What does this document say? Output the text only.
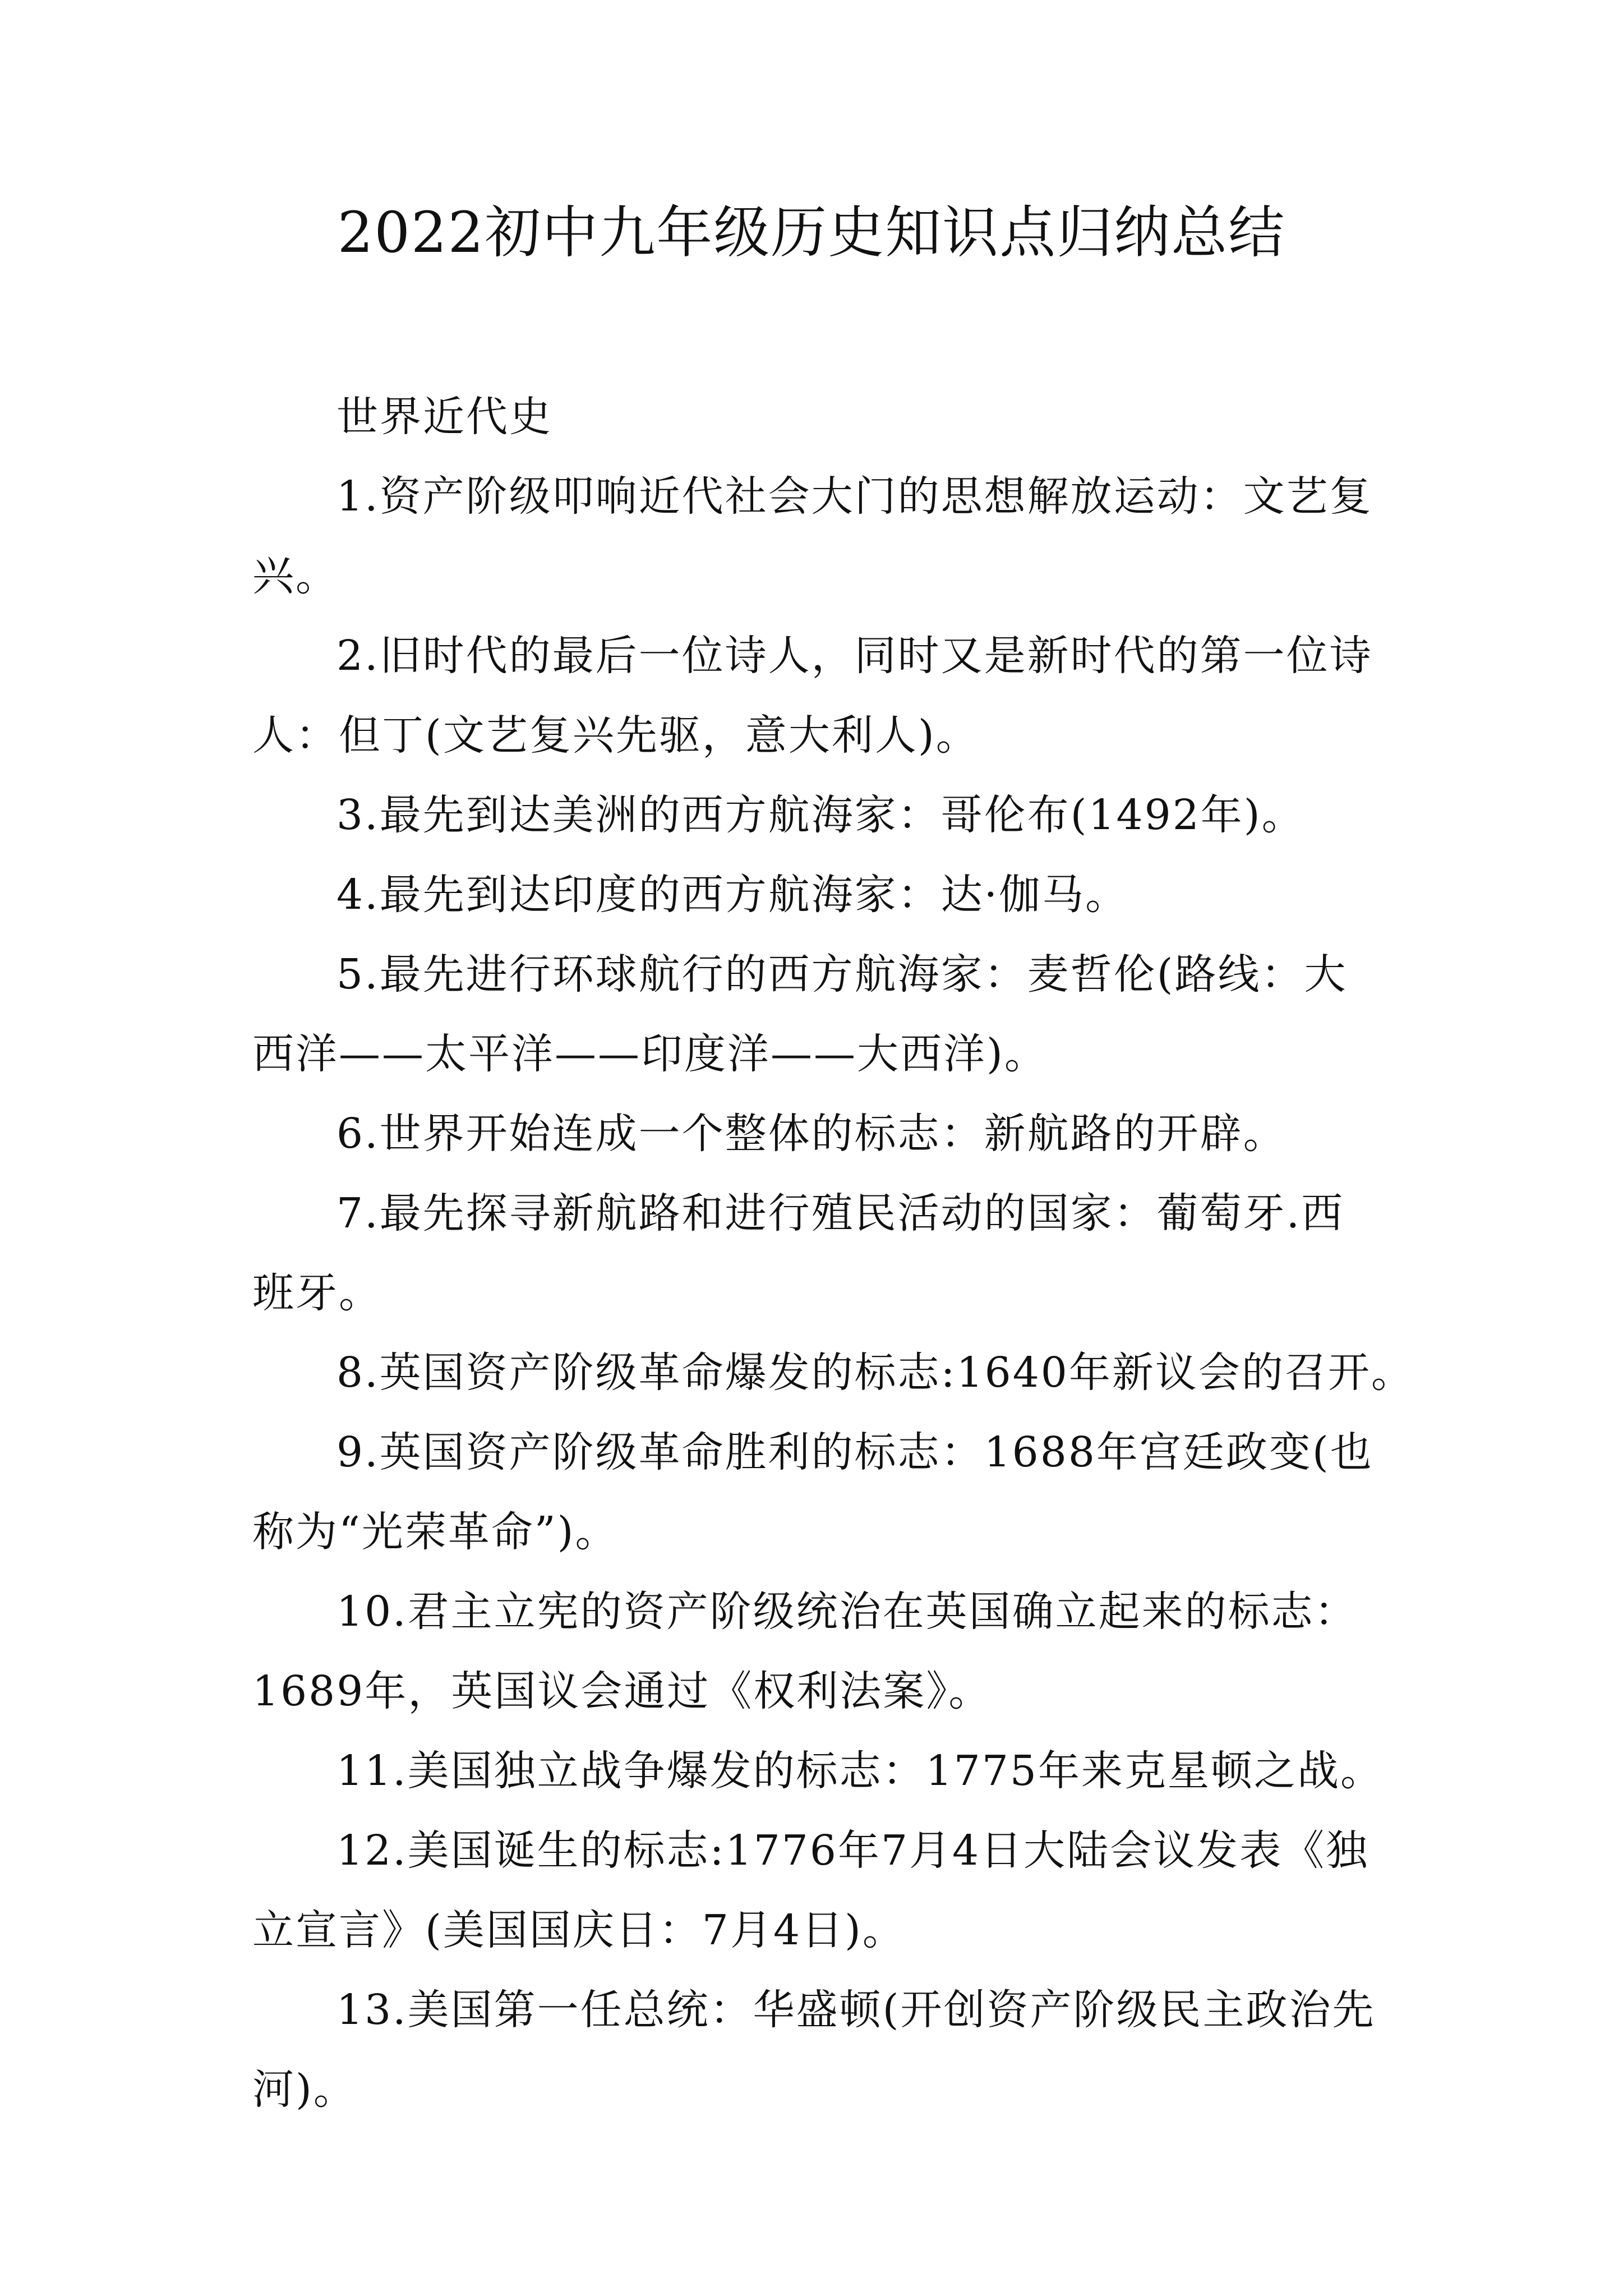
2022初中九年级历史知识点归纳总结
世界近代史
1.资产阶级叩响近代社会大门的思想解放运动：文艺复
兴。
2.旧时代的最后一位诗人，同时又是新时代的第一位诗
人：但丁(文艺复兴先驱，意大利人)。
3.最先到达美洲的西方航海家：哥伦布(1492年)。
4.最先到达印度的西方航海家：达·伽马。
5.最先进行环球航行的西方航海家：麦哲伦(路线：大
西洋——太平洋——印度洋——大西洋)。
6.世界开始连成一个整体的标志：新航路的开辟。
7.最先探寻新航路和进行殖民活动的国家：葡萄牙.西
班牙。
8.英国资产阶级革命爆发的标志:1640年新议会的召开。
9.英国资产阶级革命胜利的标志：1688年宫廷政变(也
称为“光荣革命”)。
10.君主立宪的资产阶级统治在英国确立起来的标志：
1689年，英国议会通过《权利法案》。
11.美国独立战争爆发的标志：1775年来克星顿之战。
12.美国诞生的标志:1776年7月4日大陆会议发表《独
立宣言》(美国国庆日：7月4日)。
13.美国第一任总统：华盛顿(开创资产阶级民主政治先
河)。
